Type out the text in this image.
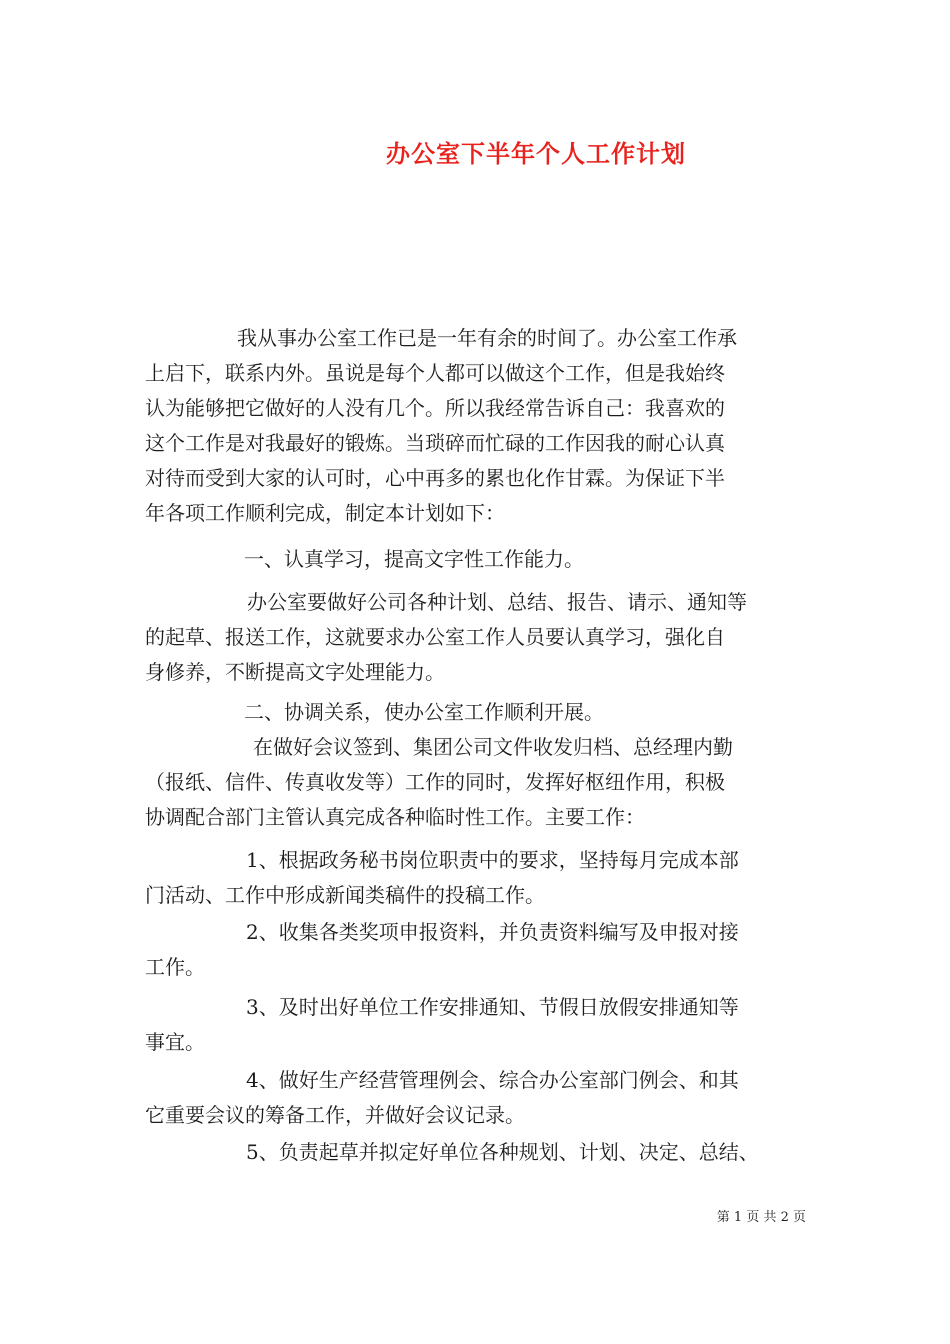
办公室下半年个人工作计划
我从事办公室工作已是一年有余的时间了。办公室工作承
上启下，联系内外。虽说是每个人都可以做这个工作，但是我始终
认为能够把它做好的人没有几个。所以我经常告诉自己：我喜欢的
这个工作是对我最好的锻炼。当琐碎而忙碌的工作因我的耐心认真
对待而受到大家的认可时，心中再多的累也化作甘霖。为保证下半
年各项工作顺利完成，制定本计划如下：
一、认真学习，提高文字性工作能力。
办公室要做好公司各种计划、总结、报告、请示、通知等
的起草、报送工作，这就要求办公室工作人员要认真学习，强化自
身修养，不断提高文字处理能力。
二、协调关系，使办公室工作顺利开展。
在做好会议签到、集团公司文件收发归档、总经理内勤
（报纸、信件、传真收发等）工作的同时，发挥好枢纽作用，积极
协调配合部门主管认真完成各种临时性工作。主要工作：
1、根据政务秘书岗位职责中的要求，坚持每月完成本部
门活动、工作中形成新闻类稿件的投稿工作。
2、收集各类奖项申报资料，并负责资料编写及申报对接
工作。
3、及时出好单位工作安排通知、节假日放假安排通知等
事宜。
4、做好生产经营管理例会、综合办公室部门例会、和其
它重要会议的筹备工作，并做好会议记录。
5、负责起草并拟定好单位各种规划、计划、决定、总结、
第 1 页 共 2 页
